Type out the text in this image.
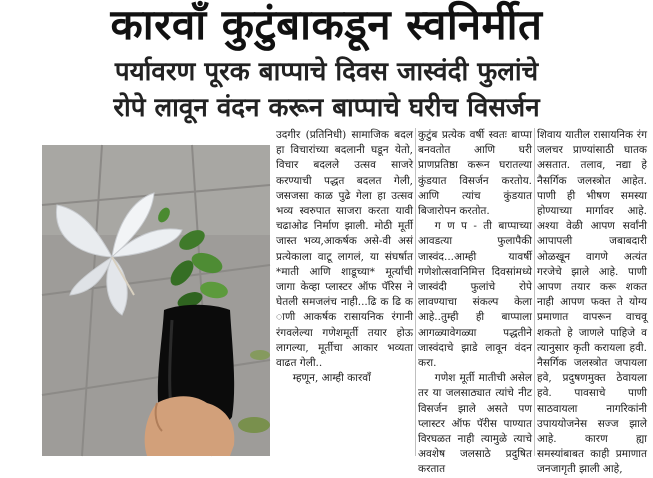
कारवाँ कुटुंबाकडून स्वनिर्मीत
पर्यावरण पूरक बाप्पाचे दिवस जास्वंदी फुलांचे
रोपे लावून वंदन करून बाप्पाचे घरीच विसर्जन

उदगीर (प्रतिनिधी) सामाजिक बदल हा विचारांच्या बदलानी घडून येतो, विचार बदलले उत्सव साजरे करण्याची पद्धत बदलत गेली, जसजसा काळ पुढे गेला हा उत्सव भव्य स्वरुपात साजरा करता यावी चढाओढ निर्माण झाली. मोठी मूर्ती जास्त भव्य,आकर्षक असे-वी असं प्रत्येकाला वाटू लागलं, या संघर्षात *माती आणि शाडूच्या* मूर्त्यांची जागा केव्हा प्लास्टर ऑफ पॅरिस ने घेतली समजलंच नाही...ढि क ढि क ाणी आकर्षक रासायनिक रंगानी रंगवलेल्या गणेशमूर्ती तयार होऊ लागल्या, मूर्तीचा आकार भव्यता वाढत गेली..

म्हणून, आम्ही कारवाँ

कुटुंब प्रत्येक वर्षी स्वतः बाप्पा बनवतोत आणि घरी प्राणप्रतिष्ठा करून घरातल्या कुंडयात विसर्जन करतोय. आणि त्यांच कुंडयात बिजारोपन करतोत.

ग ण प - ती बाप्पाच्या आवडत्या फुलापैकी जास्वंद...आम्ही यावर्षी गणेशोत्सवानिमित्त दिवसांमध्ये जास्वंदी फुलांचे रोपे लावण्याचा संकल्प केला आहे..तुम्ही ही बाप्पाला आगळ्यावेगळ्या पद्धतीने जास्वंदाचे झाडे लावून वंदन करा.

गणेश मूर्ती मातीची असेल तर या जलसाठ्यात त्यांचे नीट विसर्जन झाले असते पण प्लास्टर ऑफ पॅरीस पाण्यात विरघळत नाही त्यामुळे त्याचे अवशेष जलसाठे प्रदुषित करतात

शिवाय यातील रासायनिक रंग जलचर प्राण्यांसाठी घातक असतात. तलाव, नद्या हे नैसर्गिक जलस्त्रोत आहेत. पाणी ही भीषण समस्या होण्याच्या मार्गावर आहे. अश्या वेळी आपण सर्वांनी आपापली जबाबदारी ओळखून वागणे अत्यंत गरजेचे झाले आहे. पाणी आपण तयार करू शकत नाही आपण फक्त ते योग्य प्रमाणात वापरून वाचवू शकतो हे जाणले पाहिजे व त्यानुसार कृती करायला हवी. नैसर्गिक जलस्त्रोत जपायला हवे, प्रदुषणमुक्त ठेवायला हवे. पावसाचे पाणी साठवायला नागरिकांनी उपाययोजनेस सज्ज झाले आहे. कारण ह्या समस्यांबाबत काही प्रमाणात जनजागृती झाली आहे,
